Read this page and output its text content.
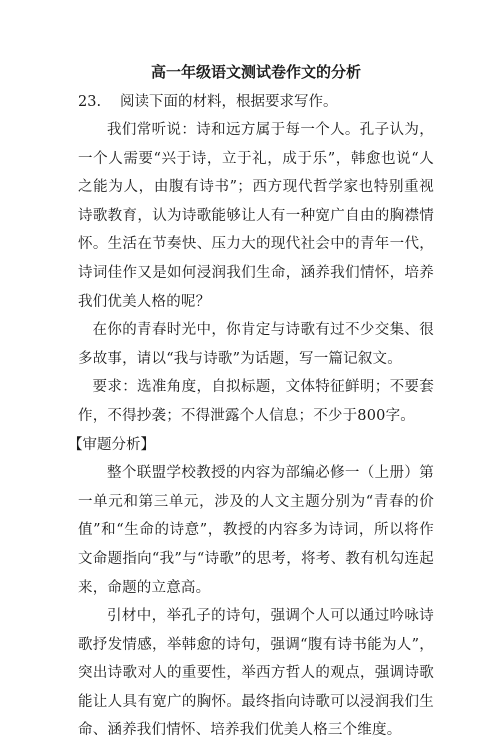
高一年级语文测试卷作文的分析

23. 阅读下面的材料，根据要求写作。

我们常听说：诗和远方属于每一个人。孔子认为，一个人需要“兴于诗，立于礼，成于乐”，韩愈也说“人之能为人，由腹有诗书”；西方现代哲学家也特别重视诗歌教育，认为诗歌能够让人有一种宽广自由的胸襟情怀。生活在节奏快、压力大的现代社会中的青年一代，诗词佳作又是如何浸润我们生命，涵养我们情怀，培养我们优美人格的呢？

在你的青春时光中，你肯定与诗歌有过不少交集、很多故事，请以“我与诗歌”为话题，写一篇记叙文。

要求：选准角度，自拟标题，文体特征鲜明；不要套作，不得抄袭；不得泄露个人信息；不少于800字。

【审题分析】

整个联盟学校教授的内容为部编必修一（上册）第一单元和第三单元，涉及的人文主题分别为“青春的价值”和“生命的诗意”，教授的内容多为诗词，所以将作文命题指向“我”与“诗歌”的思考，将考、教有机勾连起来，命题的立意高。

引材中，举孔子的诗句，强调个人可以通过吟咏诗歌抒发情感，举韩愈的诗句，强调“腹有诗书能为人”，突出诗歌对人的重要性，举西方哲人的观点，强调诗歌能让人具有宽广的胸怀。最终指向诗歌可以浸润我们生命、涵养我们情怀、培养我们优美人格三个维度。
